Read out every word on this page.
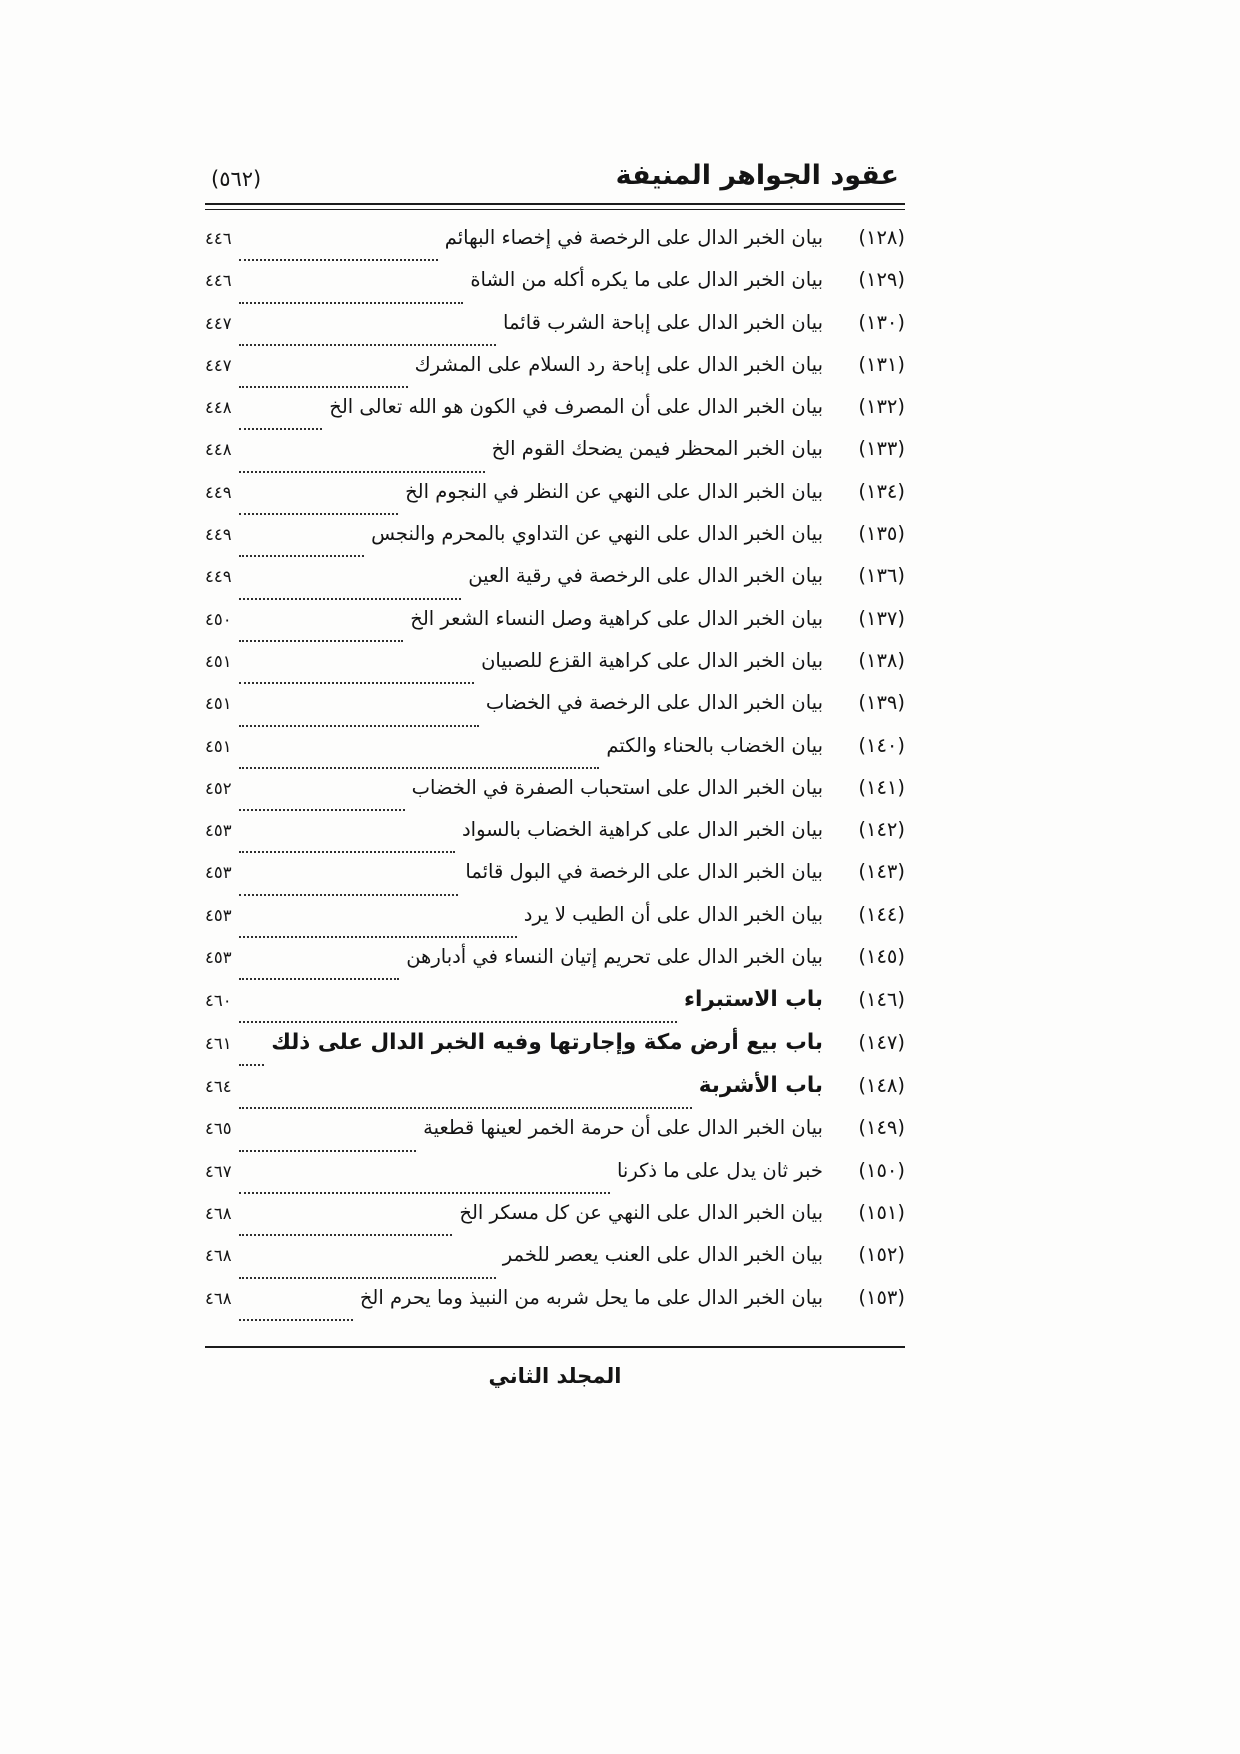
عقود الجواهر المنيفة
(٥٦٢)
(١٢٨)
بيان الخبر الدال على الرخصة في إخصاء البهائم
٤٤٦
(١٢٩)
بيان الخبر الدال على ما يكره أكله من الشاة
٤٤٦
(١٣٠)
بيان الخبر الدال على إباحة الشرب قائما
٤٤٧
(١٣١)
بيان الخبر الدال على إباحة رد السلام على المشرك
٤٤٧
(١٣٢)
بيان الخبر الدال على أن المصرف في الكون هو الله تعالى الخ
٤٤٨
(١٣٣)
بيان الخبر المحظر فيمن يضحك القوم الخ
٤٤٨
(١٣٤)
بيان الخبر الدال على النهي عن النظر في النجوم الخ
٤٤٩
(١٣٥)
بيان الخبر الدال على النهي عن التداوي بالمحرم والنجس
٤٤٩
(١٣٦)
بيان الخبر الدال على الرخصة في رقية العين
٤٤٩
(١٣٧)
بيان الخبر الدال على كراهية وصل النساء الشعر الخ
٤٥٠
(١٣٨)
بيان الخبر الدال على كراهية القزع للصبيان
٤٥١
(١٣٩)
بيان الخبر الدال على الرخصة في الخضاب
٤٥١
(١٤٠)
بيان الخضاب بالحناء والكتم
٤٥١
(١٤١)
بيان الخبر الدال على استحباب الصفرة في الخضاب
٤٥٢
(١٤٢)
بيان الخبر الدال على كراهية الخضاب بالسواد
٤٥٣
(١٤٣)
بيان الخبر الدال على الرخصة في البول قائما
٤٥٣
(١٤٤)
بيان الخبر الدال على أن الطيب لا يرد
٤٥٣
(١٤٥)
بيان الخبر الدال على تحريم إتيان النساء في أدبارهن
٤٥٣
(١٤٦)
باب الاستبراء
٤٦٠
(١٤٧)
باب بيع أرض مكة وإجارتها وفيه الخبر الدال على ذلك
٤٦١
(١٤٨)
باب الأشربة
٤٦٤
(١٤٩)
بيان الخبر الدال على أن حرمة الخمر لعينها قطعية
٤٦٥
(١٥٠)
خبر ثان يدل على ما ذكرنا
٤٦٧
(١٥١)
بيان الخبر الدال على النهي عن كل مسكر الخ
٤٦٨
(١٥٢)
بيان الخبر الدال على العنب يعصر للخمر
٤٦٨
(١٥٣)
بيان الخبر الدال على ما يحل شربه من النبيذ وما يحرم الخ
٤٦٨
المجلد الثاني
